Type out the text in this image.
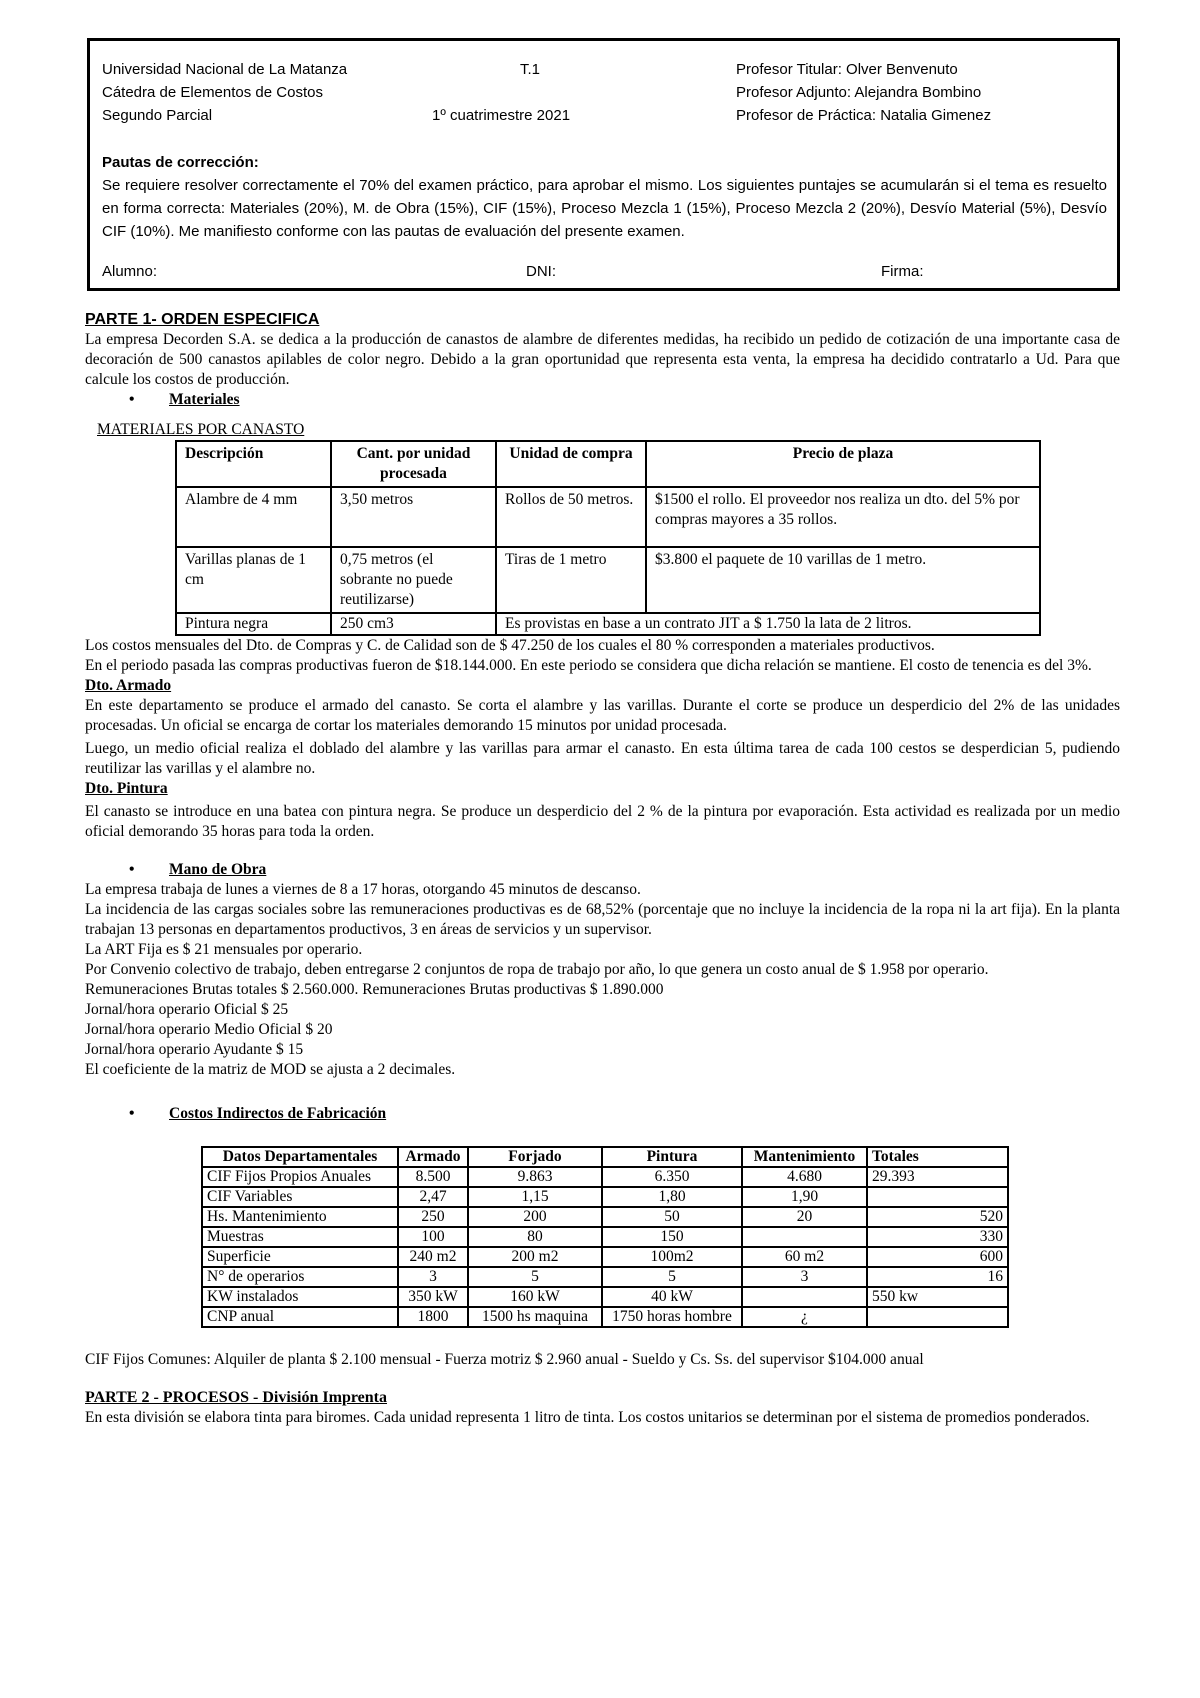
Universidad Nacional de La Matanza
Cátedra de Elementos de Costos
Segundo Parcial
T.1
1º cuatrimestre 2021
Profesor Titular: Olver Benvenuto
Profesor Adjunto: Alejandra Bombino
Profesor de Práctica: Natalia Gimenez
Pautas de corrección:
Se requiere resolver correctamente el 70% del examen práctico, para aprobar el mismo. Los siguientes puntajes se acumularán si el tema es resuelto en forma correcta: Materiales (20%), M. de Obra (15%), CIF (15%), Proceso Mezcla 1 (15%), Proceso Mezcla 2 (20%), Desvío Material (5%), Desvío CIF (10%). Me manifiesto conforme con las pautas de evaluación del presente examen.
Alumno:	DNI:	Firma:
PARTE 1- ORDEN ESPECIFICA

La empresa Decorden S.A. se dedica a la producción de canastos de alambre de diferentes medidas, ha recibido un pedido de cotización de una importante casa de decoración de 500 canastos apilables de color negro. Debido a la gran oportunidad que representa esta venta, la empresa ha decidido contratarlo a Ud. Para que calcule los costos de producción.

• Materiales
MATERIALES POR CANASTO
Descripción	Cant. por unidad procesada	Unidad de compra	Precio de plaza
Alambre de 4 mm	3,50 metros	Rollos de 50 metros.	$1500 el rollo. El proveedor nos realiza un dto. del 5% por compras mayores a 35 rollos.
Varillas planas de 1 cm	0,75 metros (el sobrante no puede reutilizarse)	Tiras de 1 metro	$3.800 el paquete de 10 varillas de 1 metro.
Pintura negra	250 cm3	Es provistas en base a un contrato JIT a $ 1.750 la lata de 2 litros.	

Los costos mensuales del Dto. de Compras y C. de Calidad son de $ 47.250 de los cuales el 80 % corresponden a materiales productivos.

En el periodo pasada las compras productivas fueron de $18.144.000. En este periodo se considera que dicha relación se mantiene. El costo de tenencia es del 3%.

Dto. Armado

En este departamento se produce el armado del canasto. Se corta el alambre y las varillas. Durante el corte se produce un desperdicio del 2% de las unidades procesadas. Un oficial se encarga de cortar los materiales demorando 15 minutos por unidad procesada.

Luego, un medio oficial realiza el doblado del alambre y las varillas para armar el canasto. En esta última tarea de cada 100 cestos se desperdician 5, pudiendo reutilizar las varillas y el alambre no.

Dto. Pintura

El canasto se introduce en una batea con pintura negra. Se produce un desperdicio del 2 % de la pintura por evaporación. Esta actividad es realizada por un medio oficial demorando 35 horas para toda la orden.

• Mano de Obra

La empresa trabaja de lunes a viernes de 8 a 17 horas, otorgando 45 minutos de descanso.

La incidencia de las cargas sociales sobre las remuneraciones productivas es de 68,52% (porcentaje que no incluye la incidencia de la ropa ni la art fija). En la planta trabajan 13 personas en departamentos productivos, 3 en áreas de servicios y un supervisor.

La ART Fija es $ 21 mensuales por operario.

Por Convenio colectivo de trabajo, deben entregarse 2 conjuntos de ropa de trabajo por año, lo que genera un costo anual de $ 1.958 por operario.

Remuneraciones Brutas totales $ 2.560.000. Remuneraciones Brutas productivas $ 1.890.000

Jornal/hora operario Oficial $ 25

Jornal/hora operario Medio Oficial $ 20

Jornal/hora operario Ayudante $ 15

El coeficiente de la matriz de MOD se ajusta a 2 decimales.

• Costos Indirectos de Fabricación
Datos Departamentales	Armado	Forjado	Pintura	Mantenimiento	Totales
CIF Fijos Propios Anuales	8.500	9.863	6.350	4.680	29.393
CIF Variables	2,47	1,15	1,80	1,90	
Hs. Mantenimiento	250	200	50	20	520
Muestras	100	80	150		330
Superficie	240 m2	200 m2	100m2	60 m2	600
N° de operarios	3	5	5	3	16
KW instalados	350 kW	160 kW	40 kW		550 kw
CNP anual	1800	1500 hs maquina	1750 horas hombre	¿	

CIF Fijos Comunes: Alquiler de planta $ 2.100 mensual - Fuerza motriz $ 2.960 anual - Sueldo y Cs. Ss. del supervisor $104.000 anual

PARTE 2 - PROCESOS - División Imprenta

En esta división se elabora tinta para biromes. Cada unidad representa 1 litro de tinta. Los costos unitarios se determinan por el sistema de promedios ponderados.
